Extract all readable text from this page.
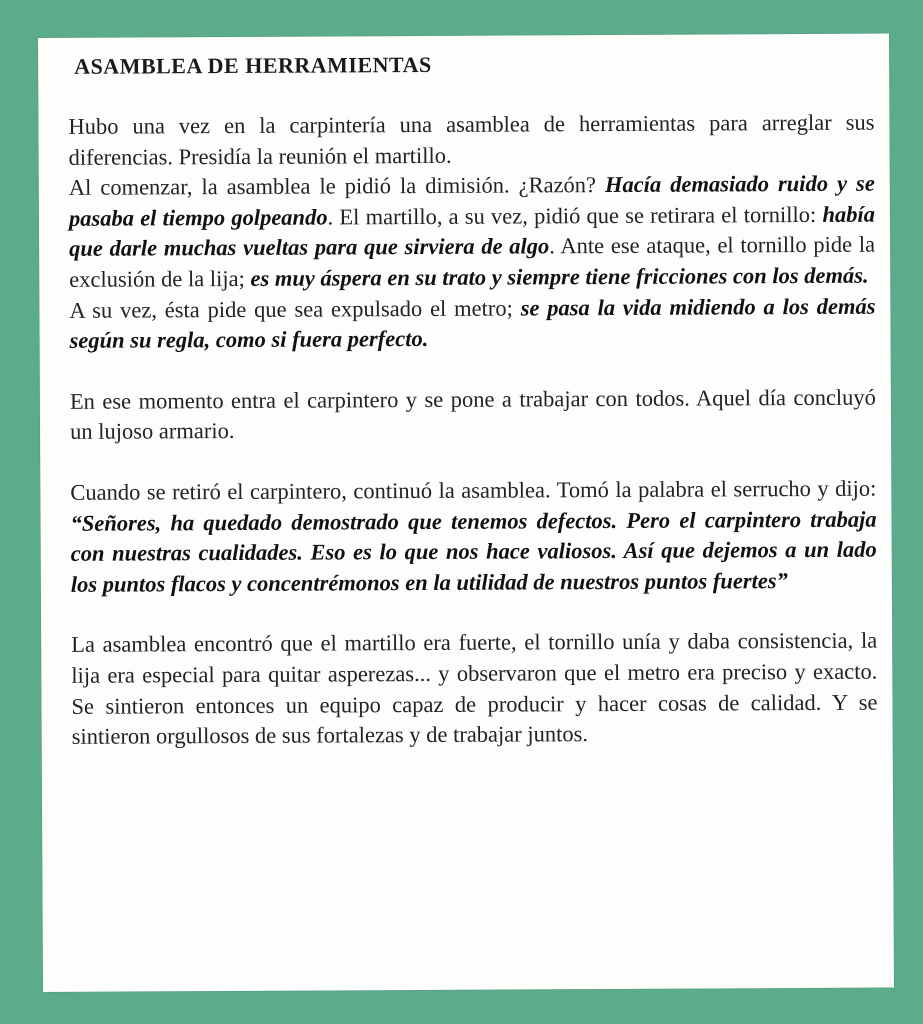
ASAMBLEA DE HERRAMIENTAS

Hubo una vez en la carpintería una asamblea de herramientas para arreglar sus diferencias. Presidía la reunión el martillo.

Al comenzar, la asamblea le pidió la dimisión. ¿Razón? Hacía demasiado ruido y se pasaba el tiempo golpeando. El martillo, a su vez, pidió que se retirara el tornillo: había que darle muchas vueltas para que sirviera de algo. Ante ese ataque, el tornillo pide la exclusión de la lija; es muy áspera en su trato y siempre tiene fricciones con los demás.

A su vez, ésta pide que sea expulsado el metro; se pasa la vida midiendo a los demás según su regla, como si fuera perfecto.

En ese momento entra el carpintero y se pone a trabajar con todos. Aquel día concluyó un lujoso armario.

Cuando se retiró el carpintero, continuó la asamblea. Tomó la palabra el serrucho y dijo: “Señores, ha quedado demostrado que tenemos defectos. Pero el carpintero trabaja con nuestras cualidades. Eso es lo que nos hace valiosos. Así que dejemos a un lado los puntos flacos y concentrémonos en la utilidad de nuestros puntos fuertes”

La asamblea encontró que el martillo era fuerte, el tornillo unía y daba consistencia, la lija era especial para quitar asperezas... y observaron que el metro era preciso y exacto. Se sintieron entonces un equipo capaz de producir y hacer cosas de calidad. Y se sintieron orgullosos de sus fortalezas y de trabajar juntos.
